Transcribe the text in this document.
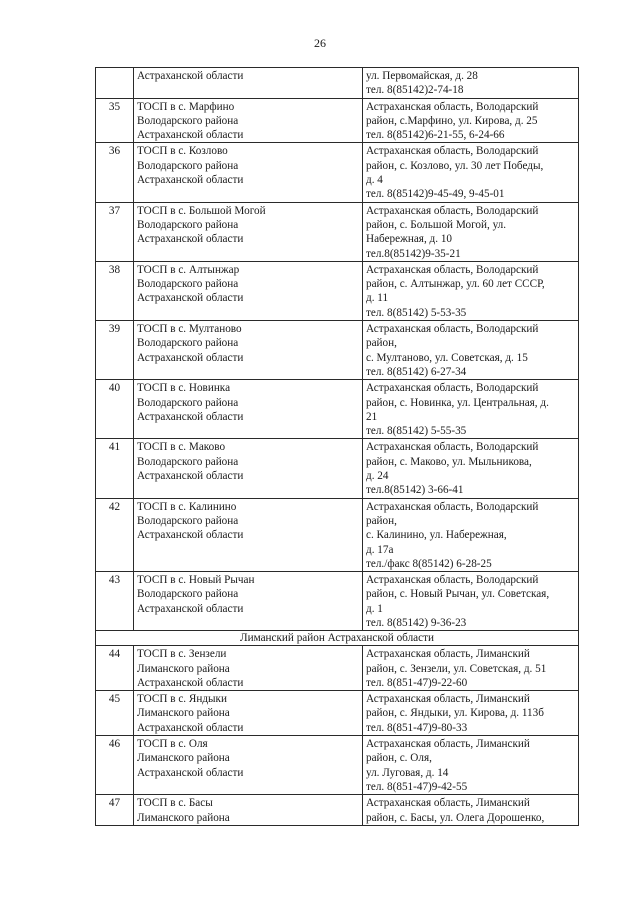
26

	Астраханской области	ул. Первомайская, д. 28
тел. 8(85142)2-74-18

35	ТОСП в с. Марфино
Володарского района
Астраханской области	Астраханская область, Володарский
район, с.Марфино, ул. Кирова, д. 25
тел. 8(85142)6-21-55, 6-24-66

36	ТОСП в с. Козлово
Володарского района
Астраханской области	Астраханская область, Володарский
район, с. Козлово, ул. 30 лет Победы,
д. 4
тел. 8(85142)9-45-49, 9-45-01

37	ТОСП в с. Большой Могой
Володарского района
Астраханской области	Астраханская область, Володарский
район, с. Большой Могой, ул.
Набережная, д. 10
тел.8(85142)9-35-21

38	ТОСП в с. Алтынжар
Володарского района
Астраханской области	Астраханская область, Володарский
район, с. Алтынжар, ул. 60 лет СССР,
д. 11
тел. 8(85142) 5-53-35

39	ТОСП в с. Мултаново
Володарского района
Астраханской области	Астраханская область, Володарский
район,
с. Мултаново, ул. Советская, д. 15
тел. 8(85142) 6-27-34

40	ТОСП в с. Новинка
Володарского района
Астраханской области	Астраханская область, Володарский
район, с. Новинка, ул. Центральная, д.
21
тел. 8(85142) 5-55-35

41	ТОСП в с. Маково
Володарского района
Астраханской области	Астраханская область, Володарский
район, с. Маково, ул. Мыльникова,
д. 24
тел.8(85142) 3-66-41

42	ТОСП в с. Калинино
Володарского района
Астраханской области	Астраханская область, Володарский
район,
с. Калинино, ул. Набережная,
д. 17а
тел./факс 8(85142) 6-28-25

43	ТОСП в с. Новый Рычан
Володарского района
Астраханской области	Астраханская область, Володарский
район, с. Новый Рычан, ул. Советская,
д. 1
тел. 8(85142) 9-36-23

Лиманский район Астраханской области		
44	ТОСП в с. Зензели
Лиманского района
Астраханской области	Астраханская область, Лиманский
район, с. Зензели, ул. Советская, д. 51
тел. 8(851-47)9-22-60

45	ТОСП в с. Яндыки
Лиманского района
Астраханской области	Астраханская область, Лиманский
район, с. Яндыки, ул. Кирова, д. 113б
тел. 8(851-47)9-80-33

46	ТОСП в с. Оля
Лиманского района
Астраханской области	Астраханская область, Лиманский
район, с. Оля,
ул. Луговая, д. 14
тел. 8(851-47)9-42-55

47	ТОСП в с. Басы
Лиманского района	Астраханская область, Лиманский
район, с. Басы, ул. Олега Дорошенко,
